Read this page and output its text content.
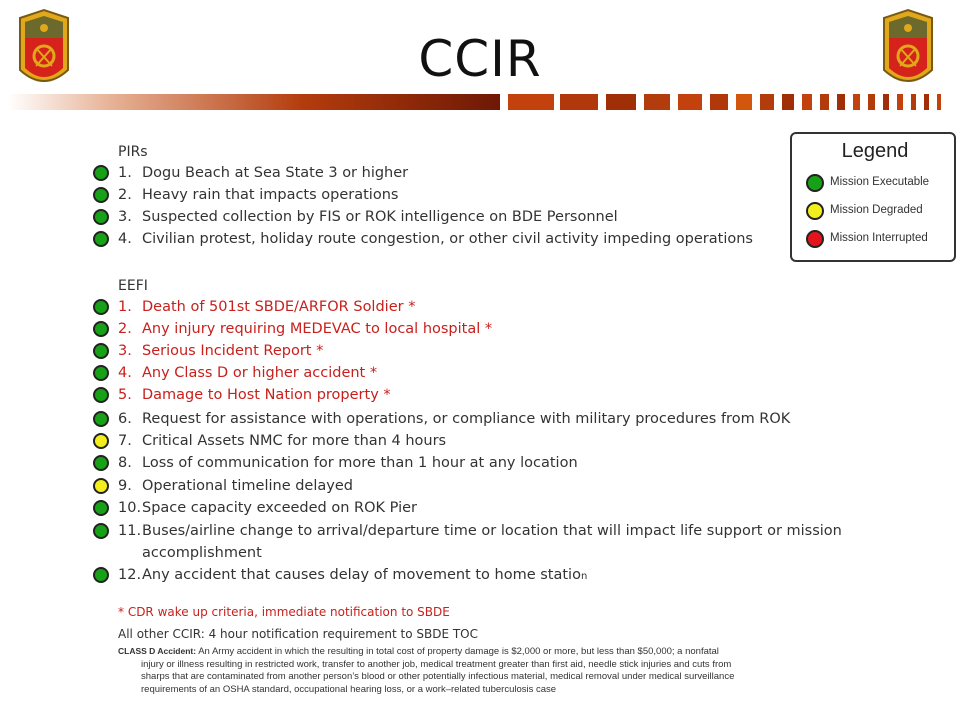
CCIR
PIRs
1. Dogu Beach at Sea State 3 or higher
2. Heavy rain that impacts operations
3. Suspected collection by FIS or ROK intelligence on BDE Personnel
4. Civilian protest, holiday route congestion, or other civil activity impeding operations
EEFI
1. Death of 501st SBDE/ARFOR Soldier *
2. Any injury requiring MEDEVAC to local hospital *
3. Serious Incident Report *
4. Any Class D or higher accident *
5. Damage to Host Nation property *
6. Request for assistance with operations, or compliance with military procedures from ROK
7. Critical Assets NMC for more than 4 hours
8. Loss of communication for more than 1 hour at any location
9. Operational timeline delayed
10.Space capacity exceeded on ROK Pier
11.Buses/airline change to arrival/departure time or location that will impact life support or mission
accomplishment
12.Any accident that causes delay of movement to home station
Legend
Mission Executable
Mission Degraded
Mission Interrupted
* CDR wake up criteria, immediate notification to SBDE
All other CCIR: 4 hour notification requirement to SBDE TOC
CLASS D Accident: An Army accident in which the resulting in total cost of property damage is $2,000 or more, but less than $50,000; a nonfatal
injury or illness resulting in restricted work, transfer to another job, medical treatment greater than first aid, needle stick injuries and cuts from
sharps that are contaminated from another person’s blood or other potentially infectious material, medical removal under medical surveillance
requirements of an OSHA standard, occupational hearing loss, or a work–related tuberculosis case
